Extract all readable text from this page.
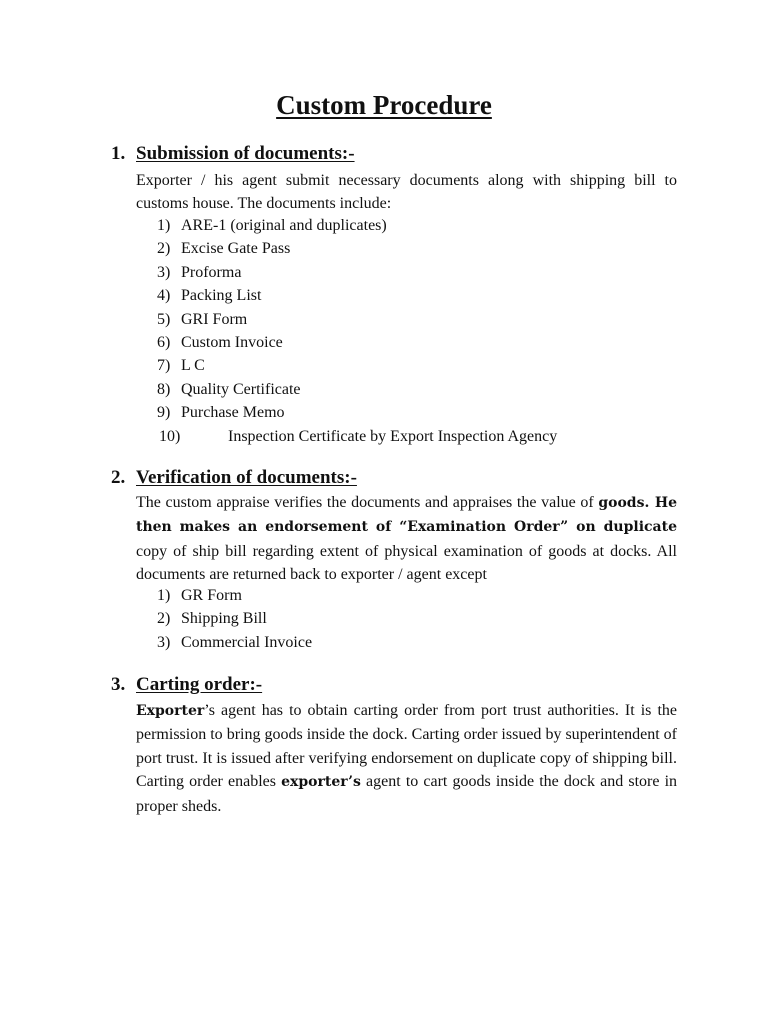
Custom Procedure
1. Submission of documents:-
Exporter / his agent submit necessary documents along with shipping bill to customs house. The documents include:
1) ARE-1 (original and duplicates)
2) Excise Gate Pass
3) Proforma
4) Packing List
5) GRI Form
6) Custom Invoice
7) L C
8) Quality Certificate
9) Purchase Memo
10)	Inspection Certificate by Export Inspection Agency
2. Verification of documents:-
The custom appraise verifies the documents and appraises the value of goods. He then makes an endorsement of “Examination Order” on duplicate copy of ship bill regarding extent of physical examination of goods at docks. All documents are returned back to exporter / agent except
1) GR Form
2) Shipping Bill
3) Commercial Invoice
3. Carting order:-
Exporter’s agent has to obtain carting order from port trust authorities. It is the permission to bring goods inside the dock. Carting order issued by superintendent of port trust. It is issued after verifying endorsement on duplicate copy of shipping bill. Carting order enables exporter’s agent to cart goods inside the dock and store in proper sheds.
